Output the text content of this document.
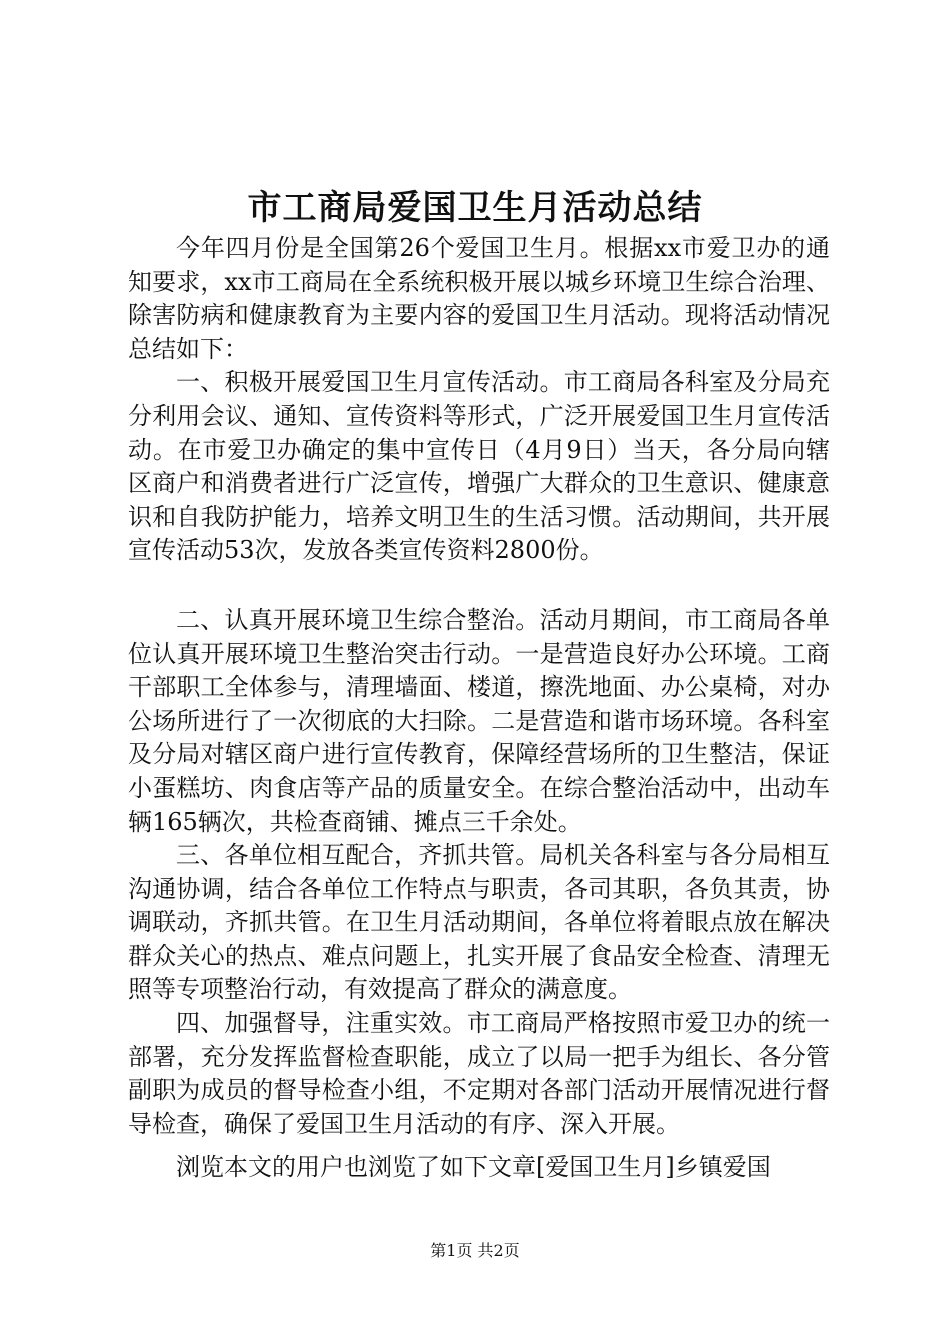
市工商局爱国卫生月活动总结

今年四月份是全国第26个爱国卫生月。根据xx市爱卫办的通知要求，xx市工商局在全系统积极开展以城乡环境卫生综合治理、除害防病和健康教育为主要内容的爱国卫生月活动。现将活动情况总结如下：

一、积极开展爱国卫生月宣传活动。市工商局各科室及分局充分利用会议、通知、宣传资料等形式，广泛开展爱国卫生月宣传活动。在市爱卫办确定的集中宣传日（4月9日）当天，各分局向辖区商户和消费者进行广泛宣传，增强广大群众的卫生意识、健康意识和自我防护能力，培养文明卫生的生活习惯。活动期间，共开展宣传活动53次，发放各类宣传资料2800份。

二、认真开展环境卫生综合整治。活动月期间，市工商局各单位认真开展环境卫生整治突击行动。一是营造良好办公环境。工商干部职工全体参与，清理墙面、楼道，擦洗地面、办公桌椅，对办公场所进行了一次彻底的大扫除。二是营造和谐市场环境。各科室及分局对辖区商户进行宣传教育，保障经营场所的卫生整洁，保证小蛋糕坊、肉食店等产品的质量安全。在综合整治活动中，出动车辆165辆次，共检查商铺、摊点三千余处。

三、各单位相互配合，齐抓共管。局机关各科室与各分局相互沟通协调，结合各单位工作特点与职责，各司其职，各负其责，协调联动，齐抓共管。在卫生月活动期间，各单位将着眼点放在解决群众关心的热点、难点问题上，扎实开展了食品安全检查、清理无照等专项整治行动，有效提高了群众的满意度。

四、加强督导，注重实效。市工商局严格按照市爱卫办的统一部署，充分发挥监督检查职能，成立了以局一把手为组长、各分管副职为成员的督导检查小组，不定期对各部门活动开展情况进行督导检查，确保了爱国卫生月活动的有序、深入开展。

浏览本文的用户也浏览了如下文章[爱国卫生月]乡镇爱国

第1页 共2页
